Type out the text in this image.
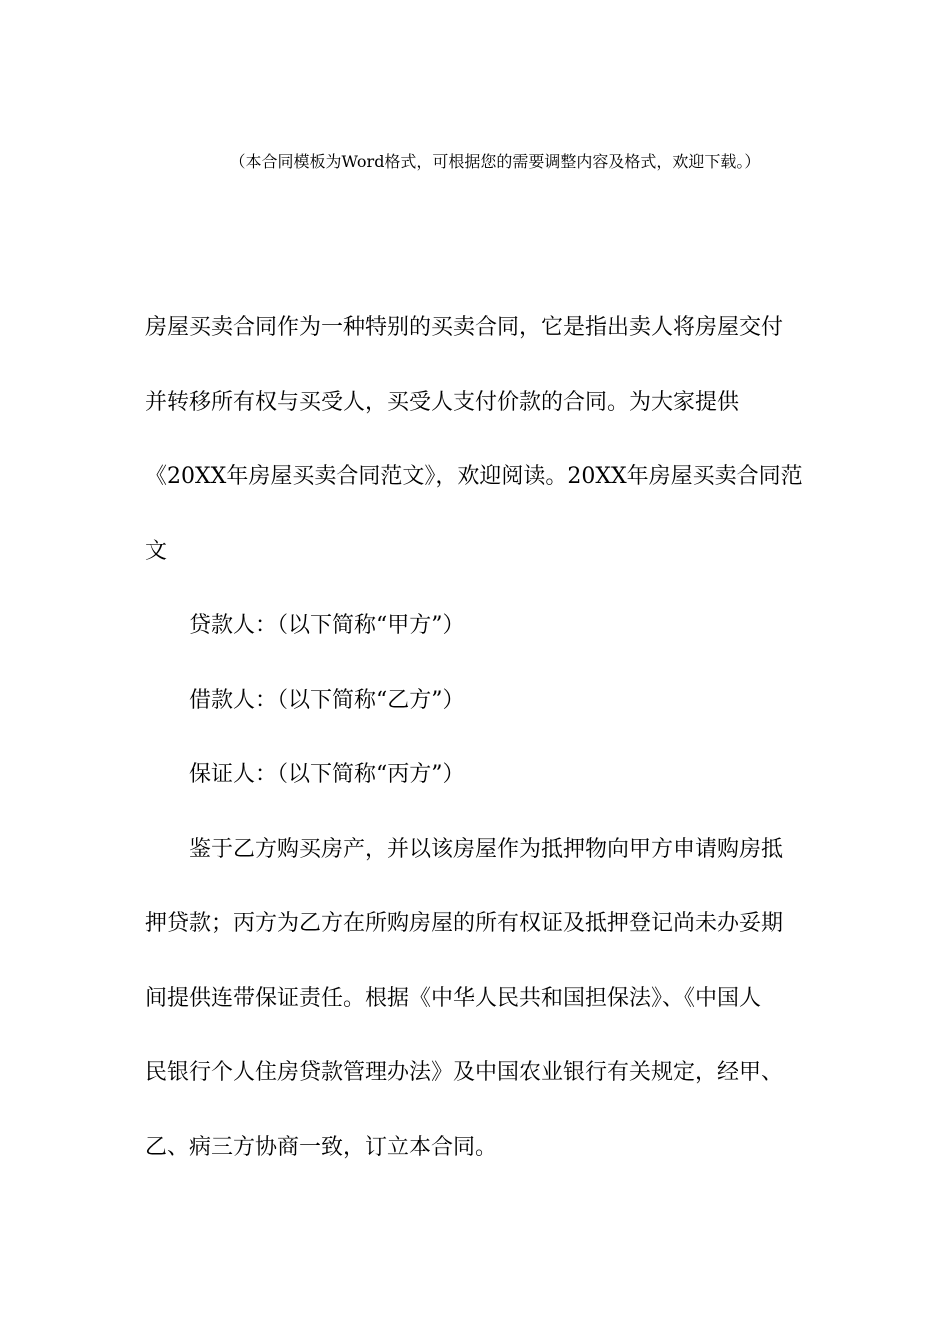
（本合同模板为Word格式，可根据您的需要调整内容及格式，欢迎下载。）

房屋买卖合同作为一种特别的买卖合同，它是指出卖人将房屋交付
并转移所有权与买受人，买受人支付价款的合同。为大家提供
《20XX年房屋买卖合同范文》，欢迎阅读。20XX年房屋买卖合同范
文

贷款人：（以下简称“甲方”）

借款人：（以下简称“乙方”）

保证人：（以下简称“丙方”）

鉴于乙方购买房产，并以该房屋作为抵押物向甲方申请购房抵
押贷款；丙方为乙方在所购房屋的所有权证及抵押登记尚未办妥期
间提供连带保证责任。根据《中华人民共和国担保法》、《中国人
民银行个人住房贷款管理办法》及中国农业银行有关规定，经甲、
乙、病三方协商一致，订立本合同。
